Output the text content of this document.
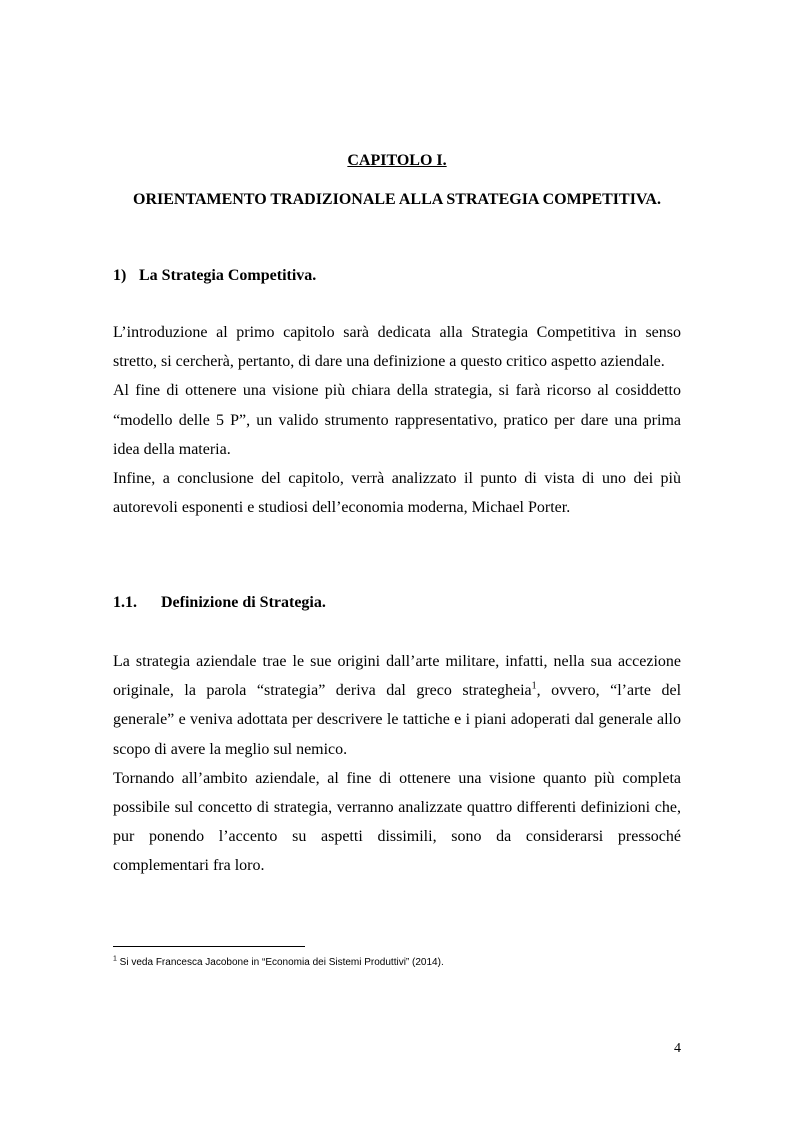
CAPITOLO I.
ORIENTAMENTO TRADIZIONALE ALLA STRATEGIA COMPETITIVA.
1) La Strategia Competitiva.

L’introduzione al primo capitolo sarà dedicata alla Strategia Competitiva in senso stretto, si cercherà, pertanto, di dare una definizione a questo critico aspetto aziendale.

Al fine di ottenere una visione più chiara della strategia, si farà ricorso al cosiddetto “modello delle 5 P”, un valido strumento rappresentativo, pratico per dare una prima idea della materia.

Infine, a conclusione del capitolo, verrà analizzato il punto di vista di uno dei più autorevoli esponenti e studiosi dell’economia moderna, Michael Porter.

1.1. Definizione di Strategia.

La strategia aziendale trae le sue origini dall’arte militare, infatti, nella sua accezione originale, la parola “strategia” deriva dal greco strategheia$^1$, ovvero, “l’arte del generale” e veniva adottata per descrivere le tattiche e i piani adoperati dal generale allo scopo di avere la meglio sul nemico.

Tornando all’ambito aziendale, al fine di ottenere una visione quanto più completa possibile sul concetto di strategia, verranno analizzate quattro differenti definizioni che, pur ponendo l’accento su aspetti dissimili, sono da considerarsi pressoché complementari fra loro.

$^1$ Si veda Francesca Jacobone in “Economia dei Sistemi Produttivi” (2014).
4
